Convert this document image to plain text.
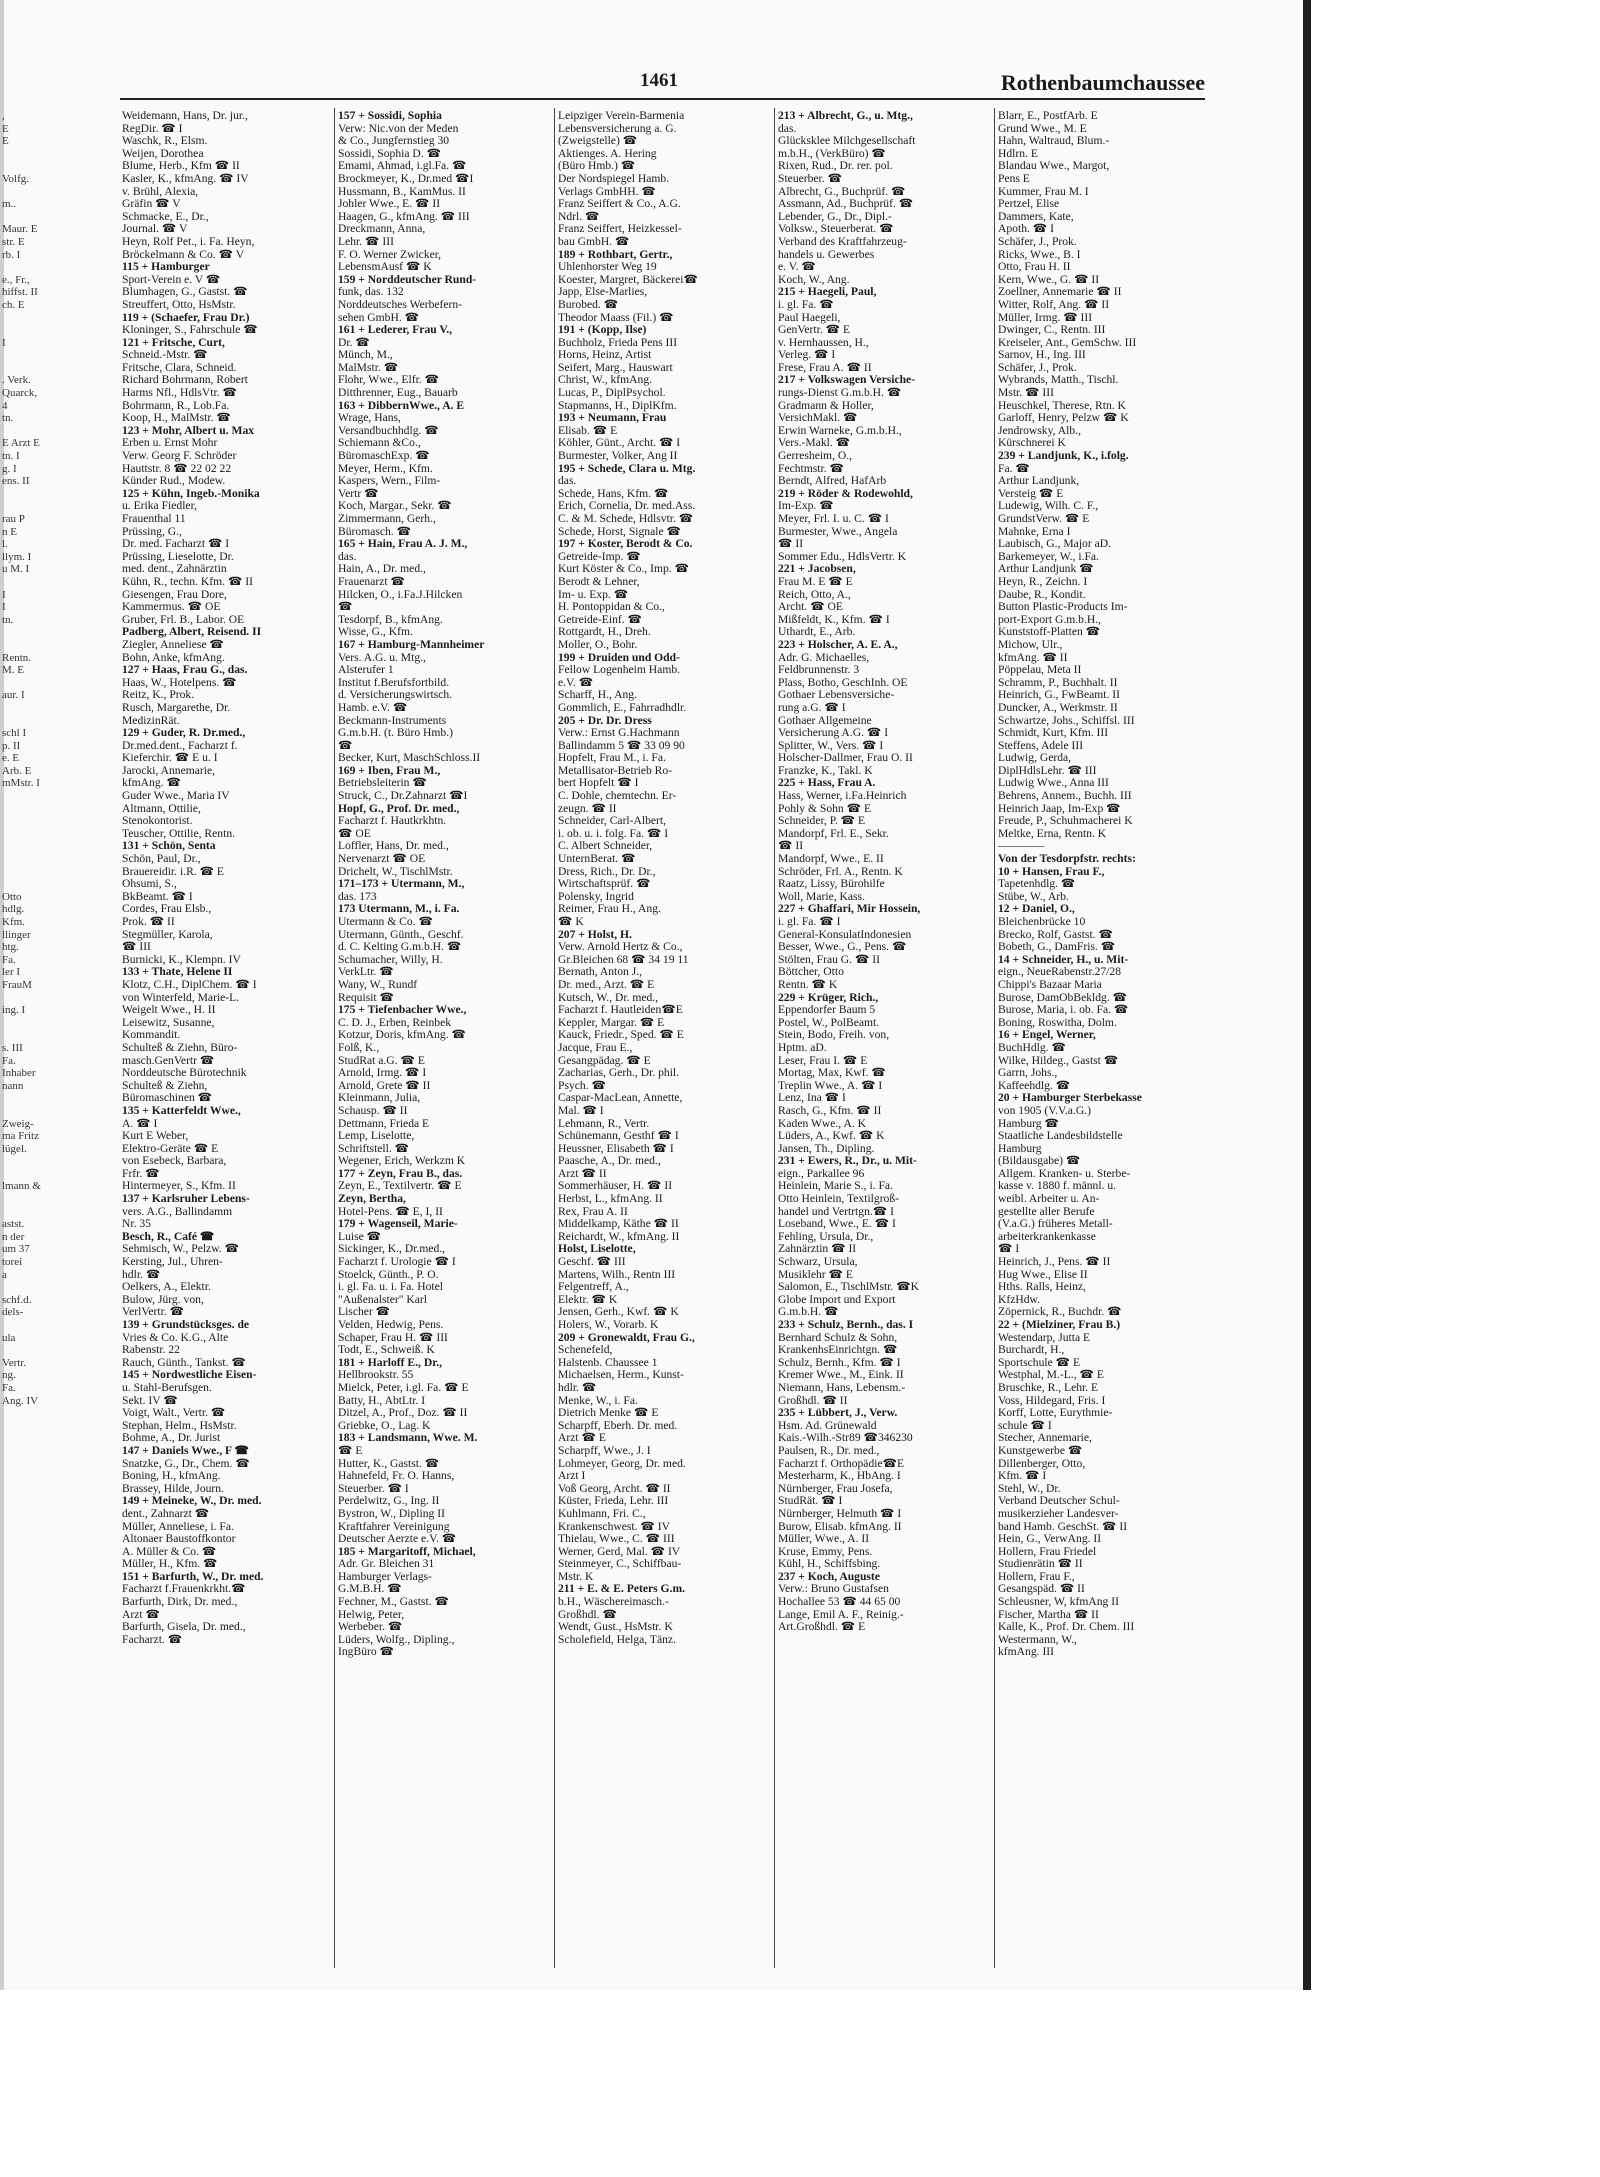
,
E
E

Volfg.

m..

Maur. E
str. E
rb. I

e., Fr.,
hiffst. II
ch. E

I

. Verk.
Quarck,
4
tn.

E Arzt E
tn. I
g. I
ens. II

rau P
n E
l.
llym. I
u M. I

I
I
tn.

Rentn.
M. E

aur. I

schl I
p. II
e. E
Arb. E
mMstr. I

Otto
hdlg.
Kfm.
llinger
htg.
Fa.
ler I
FrauM

ing. I

s. III
Fa.
Inhaber
nann

Zweig-
ma Fritz
lügel.

lmann &

astst.
n der
um 37
torei
a

schf.d.
dels-

ula

Vertr.
ng.
Fa.
Ang. IV
1461	Rothenbaumchaussee
Weidemann, Hans, Dr. jur.,
RegDir. ☎ I
Waschk, R., Elsm.
Weijen, Dorothea
Blume, Herb., Kfm ☎ II
Kasler, K., kfmAng. ☎ IV
v. Brühl, Alexia,
Gräfin ☎ V
Schmacke, E., Dr.,
Journal. ☎ V
Heyn, Rolf Pet., i. Fa. Heyn,
Bröckelmann & Co. ☎ V
115 + Hamburger
Sport-Verein e. V ☎
Blumhagen, G., Gastst. ☎
Streuffert, Otto, HsMstr.
119 + (Schaefer, Frau Dr.)
Kloninger, S., Fahrschule ☎
121 + Fritsche, Curt,
Schneid.-Mstr. ☎
Fritsche, Clara, Schneid.
Richard Bohrmann, Robert
Harms Nfl., HdlsVtr. ☎
Bohrmann, R., Lob.Fa.
Koop, H., MalMstr. ☎
123 + Mohr, Albert u. Max
Erben u. Ernst Mohr
Verw. Georg F. Schröder
Hauttstr. 8 ☎ 22 02 22
Künder Rud., Modew.
125 + Kühn, Ingeb.-Monika
u. Erika Fiedler,
Frauenthal 11
Prüssing, G.,
Dr. med. Facharzt ☎ I
Prüssing, Lieselotte, Dr.
med. dent., Zahnärztin
Kühn, R., techn. Kfm. ☎ II
Giesengen, Frau Dore,
Kammermus. ☎ OE
Gruber, Frl. B., Labor. OE
Padberg, Albert, Reisend. II
Ziegler, Anneliese ☎
Bohn, Anke, kfmAng.
127 + Haas, Frau G., das.
Haas, W., Hotelpens. ☎
Reitz, K., Prok.
Rusch, Margarethe, Dr.
MedizinRät.
129 + Guder, R. Dr.med.,
Dr.med.dent., Facharzt f.
Kieferchir. ☎ E u. I
Jarocki, Annemarie,
kfmAng. ☎
Guder Wwe., Maria IV
Altmann, Ottilie,
Stenokontorist.
Teuscher, Ottilie, Rentn.
131 + Schön, Senta
Schön, Paul, Dr.,
Brauereidir. i.R. ☎ E
Ohsumi, S.,
BkBeamt. ☎ I
Cordes, Frau Elsb.,
Prok. ☎ II
Stegmüller, Karola,
☎ III
Burnicki, K., Klempn. IV
133 + Thate, Helene II
Klotz, C.H., DiplChem. ☎ I
von Winterfeld, Marie-L.
Weigelt Wwe., H. II
Leisewitz, Susanne,
Kommandit.
Schulteß & Ziehn, Büro-
masch.GenVertr ☎
Norddeutsche Bürotechnik
Schulteß & Ziehn,
Büromaschinen ☎
135 + Katterfeldt Wwe.,
A. ☎ I
Kurt E Weber,
Elektro-Geräte ☎ E
von Esebeck, Barbara,
Frfr. ☎
Hintermeyer, S., Kfm. II
137 + Karlsruher Lebens-
vers. A.G., Ballindamm
Nr. 35
Besch, R., Café ☎
Sehmisch, W., Pelzw. ☎
Kersting, Jul., Uhren-
hdlr. ☎
Oelkers, A., Elektr.
Bulow, Jürg. von,
VerlVertr. ☎
139 + Grundstücksges. de
Vries & Co. K.G., Alte
Rabenstr. 22
Rauch, Günth., Tankst. ☎
145 + Nordwestliche Eisen-
u. Stahl-Berufsgen.
Sekt. IV ☎
Voigt, Walt., Vertr. ☎
Stephan, Helm., HsMstr.
Bohme, A., Dr. Jurist
147 + Daniels Wwe., F ☎
Snatzke, G., Dr., Chem. ☎
Boning, H., kfmAng.
Brassey, Hilde, Journ.
149 + Meineke, W., Dr. med.
dent., Zahnarzt ☎
Müller, Anneliese, i. Fa.
Altonaer Baustoffkontor
A. Müller & Co. ☎
Müller, H., Kfm. ☎
151 + Barfurth, W., Dr. med.
Facharzt f.Frauenkrkht.☎
Barfurth, Dirk, Dr. med.,
Arzt ☎
Barfurth, Gisela, Dr. med.,
Facharzt. ☎
157 + Sossidi, Sophia
Verw: Nic.von der Meden
& Co., Jungfernstieg 30
Sossidi, Sophia D. ☎
Emami, Ahmad, i.gl.Fa. ☎
Brockmeyer, K., Dr.med ☎I
Hussmann, B., KamMus. II
Johler Wwe., E. ☎ II
Haagen, G., kfmAng. ☎ III
Dreckmann, Anna,
Lehr. ☎ III
F. O. Werner Zwicker,
LebensmAusf ☎ K
159 + Norddeutscher Rund-
funk, das. 132
Norddeutsches Werbefern-
sehen GmbH. ☎
161 + Lederer, Frau V.,
Dr. ☎
Münch, M.,
MalMstr. ☎
Flohr, Wwe., Elfr. ☎
Ditthrenner, Eug., Bauarb
163 + DibbernWwe., A. E
Wrage, Hans,
Versandbuchhdlg. ☎
Schiemann &Co.,
BüromaschExp. ☎
Meyer, Herm., Kfm.
Kaspers, Wern., Film-
Vertr ☎
Koch, Margar., Sekr. ☎
Zimmermann, Gerh.,
Büromasch. ☎
165 + Hain, Frau A. J. M.,
das.
Hain, A., Dr. med.,
Frauenarzt ☎
Hilcken, O., i.Fa.J.Hilcken
☎
Tesdorpf, B., kfmAng.
Wisse, G., Kfm.
167 + Hamburg-Mannheimer
Vers. A.G. u. Mtg.,
Alsterufer 1
Institut f.Berufsfortbild.
d. Versicherungswirtsch.
Hamb. e.V. ☎
Beckmann-Instruments
G.m.b.H. (t. Büro Hmb.)
☎
Becker, Kurt, MaschSchloss.II
169 + Iben, Frau M.,
Betriebsleiterin ☎
Struck, C., Dr.Zahnarzt ☎I
Hopf, G., Prof. Dr. med.,
Facharzt f. Hautkrkhtn.
☎ OE
Loffler, Hans, Dr. med.,
Nervenarzt ☎ OE
Drichelt, W., TischlMstr.
171–173 + Utermann, M.,
das. 173
173 Utermann, M., i. Fa.
Utermann & Co. ☎
Utermann, Günth., Geschf.
d. C. Kelting G.m.b.H. ☎
Schumacher, Willy, H.
VerkLtr. ☎
Wany, W., Rundf
Requisit ☎
175 + Tiefenbacher Wwe.,
C. D. J., Erben, Reinbek
Kotzur, Doris, kfmAng. ☎
Folß, K.,
StudRat a.G. ☎ E
Arnold, Irmg. ☎ I
Arnold, Grete ☎ II
Kleinmann, Julia,
Schausp. ☎ II
Dettmann, Frieda E
Lemp, Liselotte,
Schriftstell. ☎
Wegener, Erich, Werkzm K
177 + Zeyn, Frau B., das.
Zeyn, E., Textilvertr. ☎ E
Zeyn, Bertha,
Hotel-Pens. ☎ E, I, II
179 + Wagenseil, Marie-
Luise ☎
Sickinger, K., Dr.med.,
Facharzt f. Urologie ☎ I
Stoelck, Günth., P. O.
i. gl. Fa. u. i. Fa. Hotel
"Außenalster" Karl
Lischer ☎
Velden, Hedwig, Pens.
Schaper, Frau H. ☎ III
Todt, E., Schweiß. K
181 + Harloff E., Dr.,
Hellbrookstr. 55
Mielck, Peter, i.gl. Fa. ☎ E
Batty, H., AbtLtr. I
Ditzel, A., Prof., Doz. ☎ II
Griebke, O., Lag. K
183 + Landsmann, Wwe. M.
☎ E
Hutter, K., Gastst. ☎
Hahnefeld, Fr. O. Hanns,
Steuerber. ☎ I
Perdelwitz, G., Ing. II
Bystron, W., Dipling II
Kraftfahrer Vereinigung
Deutscher Aerzte e.V. ☎
185 + Margaritoff, Michael,
Adr. Gr. Bleichen 31
Hamburger Verlags-
G.M.B.H. ☎
Fechner, M., Gastst. ☎
Helwig, Peter,
Werbeber. ☎
Lüders, Wolfg., Dipling.,
IngBüro ☎
Leipziger Verein-Barmenia
Lebensversicherung a. G.
(Zweigstelle) ☎
Aktienges. A. Hering
(Büro Hmb.) ☎
Der Nordspiegel Hamb.
Verlags GmbHH. ☎
Franz Seiffert & Co., A.G.
Ndrl. ☎
Franz Seiffert, Heizkessel-
bau GmbH. ☎
189 + Rothbart, Gertr.,
Uhlenhorster Weg 19
Koester, Margret, Bäckerei☎
Japp, Else-Marlies,
Burobed. ☎
Theodor Maass (Fil.) ☎
191 + (Kopp, Ilse)
Buchholz, Frieda Pens III
Horns, Heinz, Artist
Seifert, Marg., Hauswart
Christ, W., kfmAng.
Lucas, P., DiplPsychol.
Stapmanns, H., DiplKfm.
193 + Neumann, Frau
Elisab. ☎ E
Köhler, Günt., Archt. ☎ I
Burmester, Volker, Ang II
195 + Schede, Clara u. Mtg.
das.
Schede, Hans, Kfm. ☎
Erich, Cornelia, Dr. med.Ass.
C. & M. Schede, Hdlsvtr. ☎
Schede, Horst, Signale ☎
197 + Koster, Berodt & Co.
Getreide-Imp. ☎
Kurt Köster & Co., Imp. ☎
Berodt & Lehner,
Im- u. Exp. ☎
H. Pontoppidan & Co.,
Getreide-Einf. ☎
Rottgardt, H., Dreh.
Moller, O., Bohr.
199 + Druiden und Odd-
Fellow Logenheim Hamb.
e.V. ☎
Scharff, H., Ang.
Gommlich, E., Fahrradhdlr.
205 + Dr. Dr. Dress
Verw.: Ernst G.Hachmann
Ballindamm 5 ☎ 33 09 90
Hopfelt, Frau M., i. Fa.
Metallisator-Betrieb Ro-
bert Hopfelt ☎ I
C. Dohle, chemtechn. Er-
zeugn. ☎ II
Schneider, Carl-Albert,
i. ob. u. i. folg. Fa. ☎ I
C. Albert Schneider,
UnternBerat. ☎
Dress, Rich., Dr. Dr.,
Wirtschaftsprüf. ☎
Polensky, Ingrid
Reimer, Frau H., Ang.
☎ K
207 + Holst, H.
Verw. Arnold Hertz & Co.,
Gr.Bleichen 68 ☎ 34 19 11
Bernath, Anton J.,
Dr. med., Arzt. ☎ E
Kutsch, W., Dr. med.,
Facharzt f. Hautleiden☎E
Keppler, Margar. ☎ E
Kauck, Friedr., Sped. ☎ E
Jacque, Frau E.,
Gesangpädag. ☎ E
Zacharias, Gerh., Dr. phil.
Psych. ☎
Caspar-MacLean, Annette,
Mal. ☎ I
Lehmann, R., Vertr.
Schünemann, Gesthf ☎ I
Heussner, Elisabeth ☎ I
Paasche, A., Dr. med.,
Arzt ☎ II
Sommerhäuser, H. ☎ II
Herbst, L., kfmAng. II
Rex, Frau A. II
Middelkamp, Käthe ☎ II
Reichardt, W., kfmAng. II
Holst, Liselotte,
Geschf. ☎ III
Martens, Wilh., Rentn III
Felgentreff, A.,
Elektr. ☎ K
Jensen, Gerh., Kwf. ☎ K
Holers, W., Vorarb. K
209 + Gronewaldt, Frau G.,
Schenefeld,
Halstenb. Chaussee 1
Michaelsen, Herm., Kunst-
hdlr. ☎
Menke, W., i. Fa.
Dietrich Menke ☎ E
Scharpff, Eberh. Dr. med.
Arzt ☎ E
Scharpff, Wwe., J. I
Lohmeyer, Georg, Dr. med.
Arzt I
Voß Georg, Archt. ☎ II
Küster, Frieda, Lehr. III
Kuhlmann, Fri. C.,
Krankenschwest. ☎ IV
Thielau, Wwe., C. ☎ III
Werner, Gerd, Mal. ☎ IV
Steinmeyer, C., Schiffbau-
Mstr. K
211 + E. & E. Peters G.m.
b.H., Wäschereimasch.-
Großhdl. ☎
Wendt, Gust., HsMstr. K
Scholefield, Helga, Tänz.
213 + Albrecht, G., u. Mtg.,
das.
Glücksklee Milchgesellschaft
m.b.H., (VerkBüro) ☎
Rixen, Rud., Dr. rer. pol.
Steuerber. ☎
Albrecht, G., Buchprüf. ☎
Assmann, Ad., Buchprüf. ☎
Lebender, G., Dr., Dipl.-
Volksw., Steuerberat. ☎
Verband des Kraftfahrzeug-
handels u. Gewerbes
e. V. ☎
Koch, W., Ang.
215 + Haegeli, Paul,
i. gl. Fa. ☎
Paul Haegeli,
GenVertr. ☎ E
v. Hernhaussen, H.,
Verleg. ☎ I
Frese, Frau A. ☎ II
217 + Volkswagen Versiche-
rungs-Dienst G.m.b.H. ☎
Gradmann & Holler,
VersichMakl. ☎
Erwin Warneke, G.m.b.H.,
Vers.-Makl. ☎
Gerresheim, O.,
Fechtmstr. ☎
Berndt, Alfred, HafArb
219 + Röder & Rodewohld,
Im-Exp. ☎
Meyer, Frl. I. u. C. ☎ I
Burmester, Wwe., Angela
☎ II
Sommer Edu., HdlsVertr. K
221 + Jacobsen,
Frau M. E ☎ E
Reich, Otto, A.,
Archt. ☎ OE
Mißfeldt, K., Kfm. ☎ I
Uthardt, E., Arb.
223 + Holscher, A. E. A.,
Adr. G. Michaelles,
Feldbrunnenstr. 3
Plass, Botho, GeschInh. OE
Gothaer Lebensversiche-
rung a.G. ☎ I
Gothaer Allgemeine
Versicherung A.G. ☎ I
Splitter, W., Vers. ☎ I
Holscher-Dallmer, Frau O. II
Franzke, K., Takl. K
225 + Hass, Frau A.
Hass, Werner, i.Fa.Heinrich
Pohly & Sohn ☎ E
Schneider, P. ☎ E
Mandorpf, Frl. E., Sekr.
☎ II
Mandorpf, Wwe., E. II
Schröder, Frl. A., Rentn. K
Raatz, Lissy, Bürohilfe
Woll, Marie, Kass.
227 + Ghaffari, Mir Hossein,
i. gl. Fa. ☎ I
General-KonsulatIndonesien
Besser, Wwe., G., Pens. ☎
Stölten, Frau G. ☎ II
Böttcher, Otto
Rentn. ☎ K
229 + Krüger, Rich.,
Eppendorfer Baum 5
Postel, W., PolBeamt.
Stein, Bodo, Freih. von,
Hptm. aD.
Leser, Frau I. ☎ E
Mortag, Max, Kwf. ☎
Treplin Wwe., A. ☎ I
Lenz, Ina ☎ I
Rasch, G., Kfm. ☎ II
Kaden Wwe., A. K
Lüders, A., Kwf. ☎ K
Jansen, Th., Dipling.
231 + Ewers, R., Dr., u. Mit-
eign., Parkallee 96
Heinlein, Marie S., i. Fa.
Otto Heinlein, Textilgroß-
handel und Vertrtgn.☎ I
Loseband, Wwe., E. ☎ I
Fehling, Ursula, Dr.,
Zahnärztin ☎ II
Schwarz, Ursula,
Musiklehr ☎ E
Salomon, E., TischlMstr. ☎K
Globe Import und Export
G.m.b.H. ☎
233 + Schulz, Bernh., das. I
Bernhard Schulz & Sohn,
KrankenhsEinrichtgn. ☎
Schulz, Bernh., Kfm. ☎ I
Kremer Wwe., M., Eink. II
Niemann, Hans, Lebensm.-
Großhdl. ☎ II
235 + Lübbert, J., Verw.
Hsm. Ad. Grünewald
Kais.-Wilh.-Str89 ☎346230
Paulsen, R., Dr. med.,
Facharzt f. Orthopädie☎E
Mesterharm, K., HbAng. I
Nürnberger, Frau Josefa,
StudRät. ☎ I
Nürnberger, Helmuth ☎ I
Burow, Elisab. kfmAng. II
Müller, Wwe., A. II
Kruse, Emmy, Pens.
Kühl, H., Schiffsbing.
237 + Koch, Auguste
Verw.: Bruno Gustafsen
Hochallee 53 ☎ 44 65 00
Lange, Emil A. F., Reinig.-
Art.Großhdl. ☎ E
Blarr, E., PostfArb. E
Grund Wwe., M. E
Hahn, Waltraud, Blum.-
Hdlrn. E
Blandau Wwe., Margot,
Pens E
Kummer, Frau M. I
Pertzel, Elise
Dammers, Kate,
Apoth. ☎ I
Schäfer, J., Prok.
Ricks, Wwe., B. I
Otto, Frau H. II
Kern, Wwe., G. ☎ II
Zoellner, Annemarie ☎ II
Witter, Rolf, Ang. ☎ II
Müller, Irmg. ☎ III
Dwinger, C., Rentn. III
Kreiseler, Ant., GemSchw. III
Sarnov, H., Ing. III
Schäfer, J., Prok.
Wybrands, Matth., Tischl.
Mstr. ☎ III
Heuschkel, Therese, Rtn. K
Garloff, Henry, Pelzw ☎ K
Jendrowsky, Alb.,
Kürschnerei K
239 + Landjunk, K., i.folg.
Fa. ☎
Arthur Landjunk,
Versteig ☎ E
Ludewig, Wilh. C. F.,
GrundstVerw. ☎ E
Mahnke, Erna I
Laubisch, G., Major aD.
Barkemeyer, W., i.Fa.
Arthur Landjunk ☎
Heyn, R., Zeichn. I
Daube, R., Kondit.
Button Plastic-Products Im-
port-Export G.m.b.H.,
Kunststoff-Platten ☎
Michow, Ulr.,
kfmAng. ☎ II
Pöppelau, Meta II
Schramm, P., Buchhalt. II
Heinrich, G., FwBeamt. II
Duncker, A., Werkmstr. II
Schwartze, Johs., Schiffsl. III
Schmidt, Kurt, Kfm. III
Steffens, Adele III
Ludwig, Gerda,
DiplHdlsLehr. ☎ III
Ludwig Wwe., Anna III
Behrens, Annem., Buchh. III
Heinrich Jaap, Im-Exp ☎
Freude, P., Schuhmacherei K
Meltke, Erna, Rentn. K
————
Von der Tesdorpfstr. rechts:
10 + Hansen, Frau F.,
Tapetenhdlg. ☎
Stübe, W., Arb.
12 + Daniel, O.,
Bleichenbrücke 10
Brecko, Rolf, Gastst. ☎
Bobeth, G., DamFris. ☎
14 + Schneider, H., u. Mit-
eign., NeueRabenstr.27/28
Chippi's Bazaar Maria
Burose, DamObBekldg. ☎
Burose, Maria, i. ob. Fa. ☎
Boning, Roswitha, Dolm.
16 + Engel, Werner,
BuchHdlg. ☎
Wilke, Hildeg., Gastst ☎
Garrn, Johs.,
Kaffeehdlg. ☎
20 + Hamburger Sterbekasse
von 1905 (V.V.a.G.)
Hamburg ☎
Staatliche Landesbildstelle
Hamburg
(Bildausgabe) ☎
Allgem. Kranken- u. Sterbe-
kasse v. 1880 f. männl. u.
weibl. Arbeiter u. An-
gestellte aller Berufe
(V.a.G.) früheres Metall-
arbeiterkrankenkasse
☎ I
Heinrich, J., Pens. ☎ II
Hug Wwe., Elise II
Hths. Ralls, Heinz,
KfzHdw.
Zöpernick, R., Buchdr. ☎
22 + (Mielziner, Frau B.)
Westendarp, Jutta E
Burchardt, H.,
Sportschule ☎ E
Westphal, M.-L., ☎ E
Bruschke, R., Lehr. E
Voss, Hildegard, Fris. I
Korff, Lotte, Eurythmie-
schule ☎ I
Stecher, Annemarie,
Kunstgewerbe ☎
Dillenberger, Otto,
Kfm. ☎ I
Stehl, W., Dr.
Verband Deutscher Schul-
musikerzieher Landesver-
band Hamb. GeschSt. ☎ II
Hein, G., VerwAng. II
Hollern, Frau Friedel
Studienrätin ☎ II
Hollern, Frau F.,
Gesangspäd. ☎ II
Schleusner, W, kfmAng II
Fischer, Martha ☎ II
Kalle, K., Prof. Dr. Chem. III
Westermann, W.,
kfmAng. III
